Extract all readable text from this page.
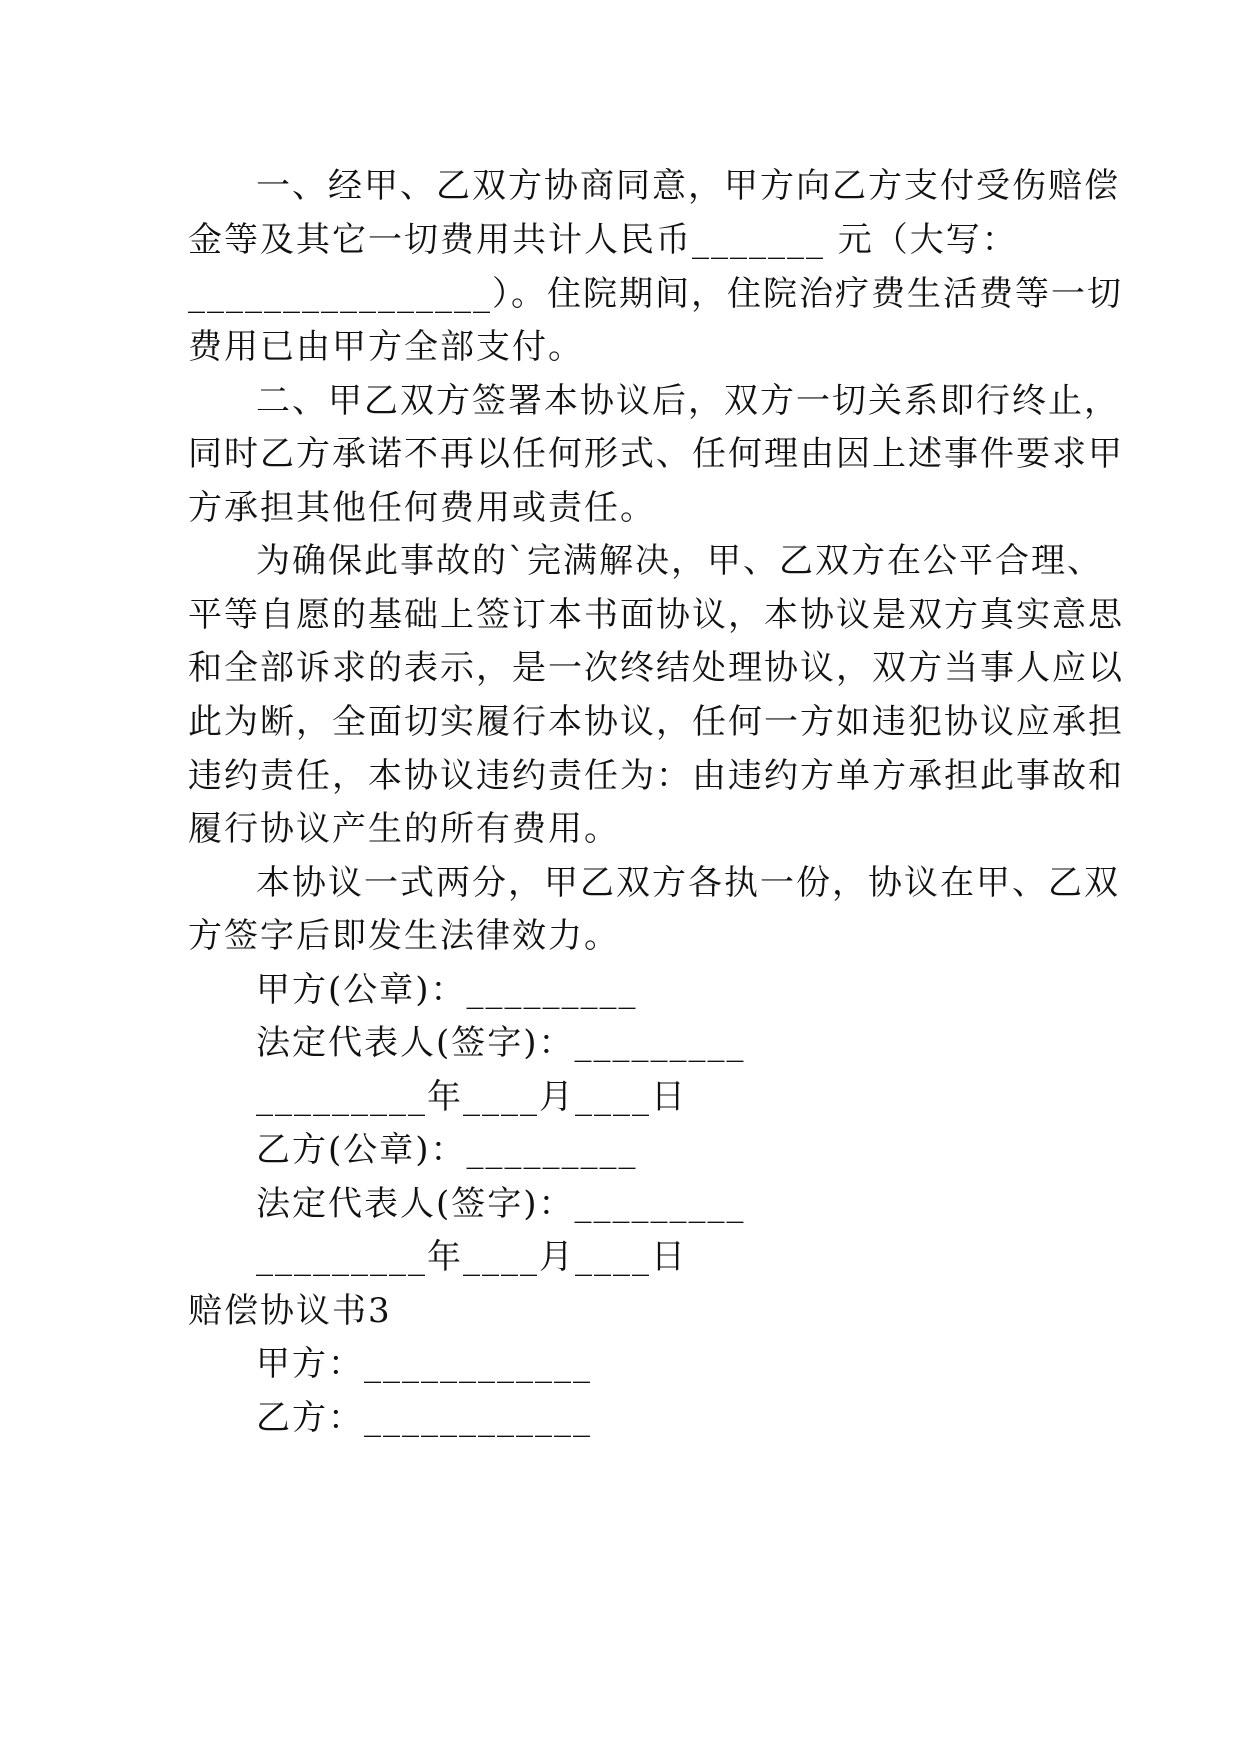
一、经甲、乙双方协商同意，甲方向乙方支付受伤赔偿
金等及其它一切费用共计人民币_______ 元（大写：
________________）。住院期间，住院治疗费生活费等一切
费用已由甲方全部支付。
二、甲乙双方签署本协议后，双方一切关系即行终止，
同时乙方承诺不再以任何形式、任何理由因上述事件要求甲
方承担其他任何费用或责任。
为确保此事故的`完满解决，甲、乙双方在公平合理、
平等自愿的基础上签订本书面协议，本协议是双方真实意思
和全部诉求的表示，是一次终结处理协议，双方当事人应以
此为断，全面切实履行本协议，任何一方如违犯协议应承担
违约责任，本协议违约责任为：由违约方单方承担此事故和
履行协议产生的所有费用。
本协议一式两分，甲乙双方各执一份，协议在甲、乙双
方签字后即发生法律效力。
甲方(公章)：_________
法定代表人(签字)：_________
_________年____月____日
乙方(公章)：_________
法定代表人(签字)：_________
_________年____月____日
赔偿协议书3
甲方：____________
乙方：____________
